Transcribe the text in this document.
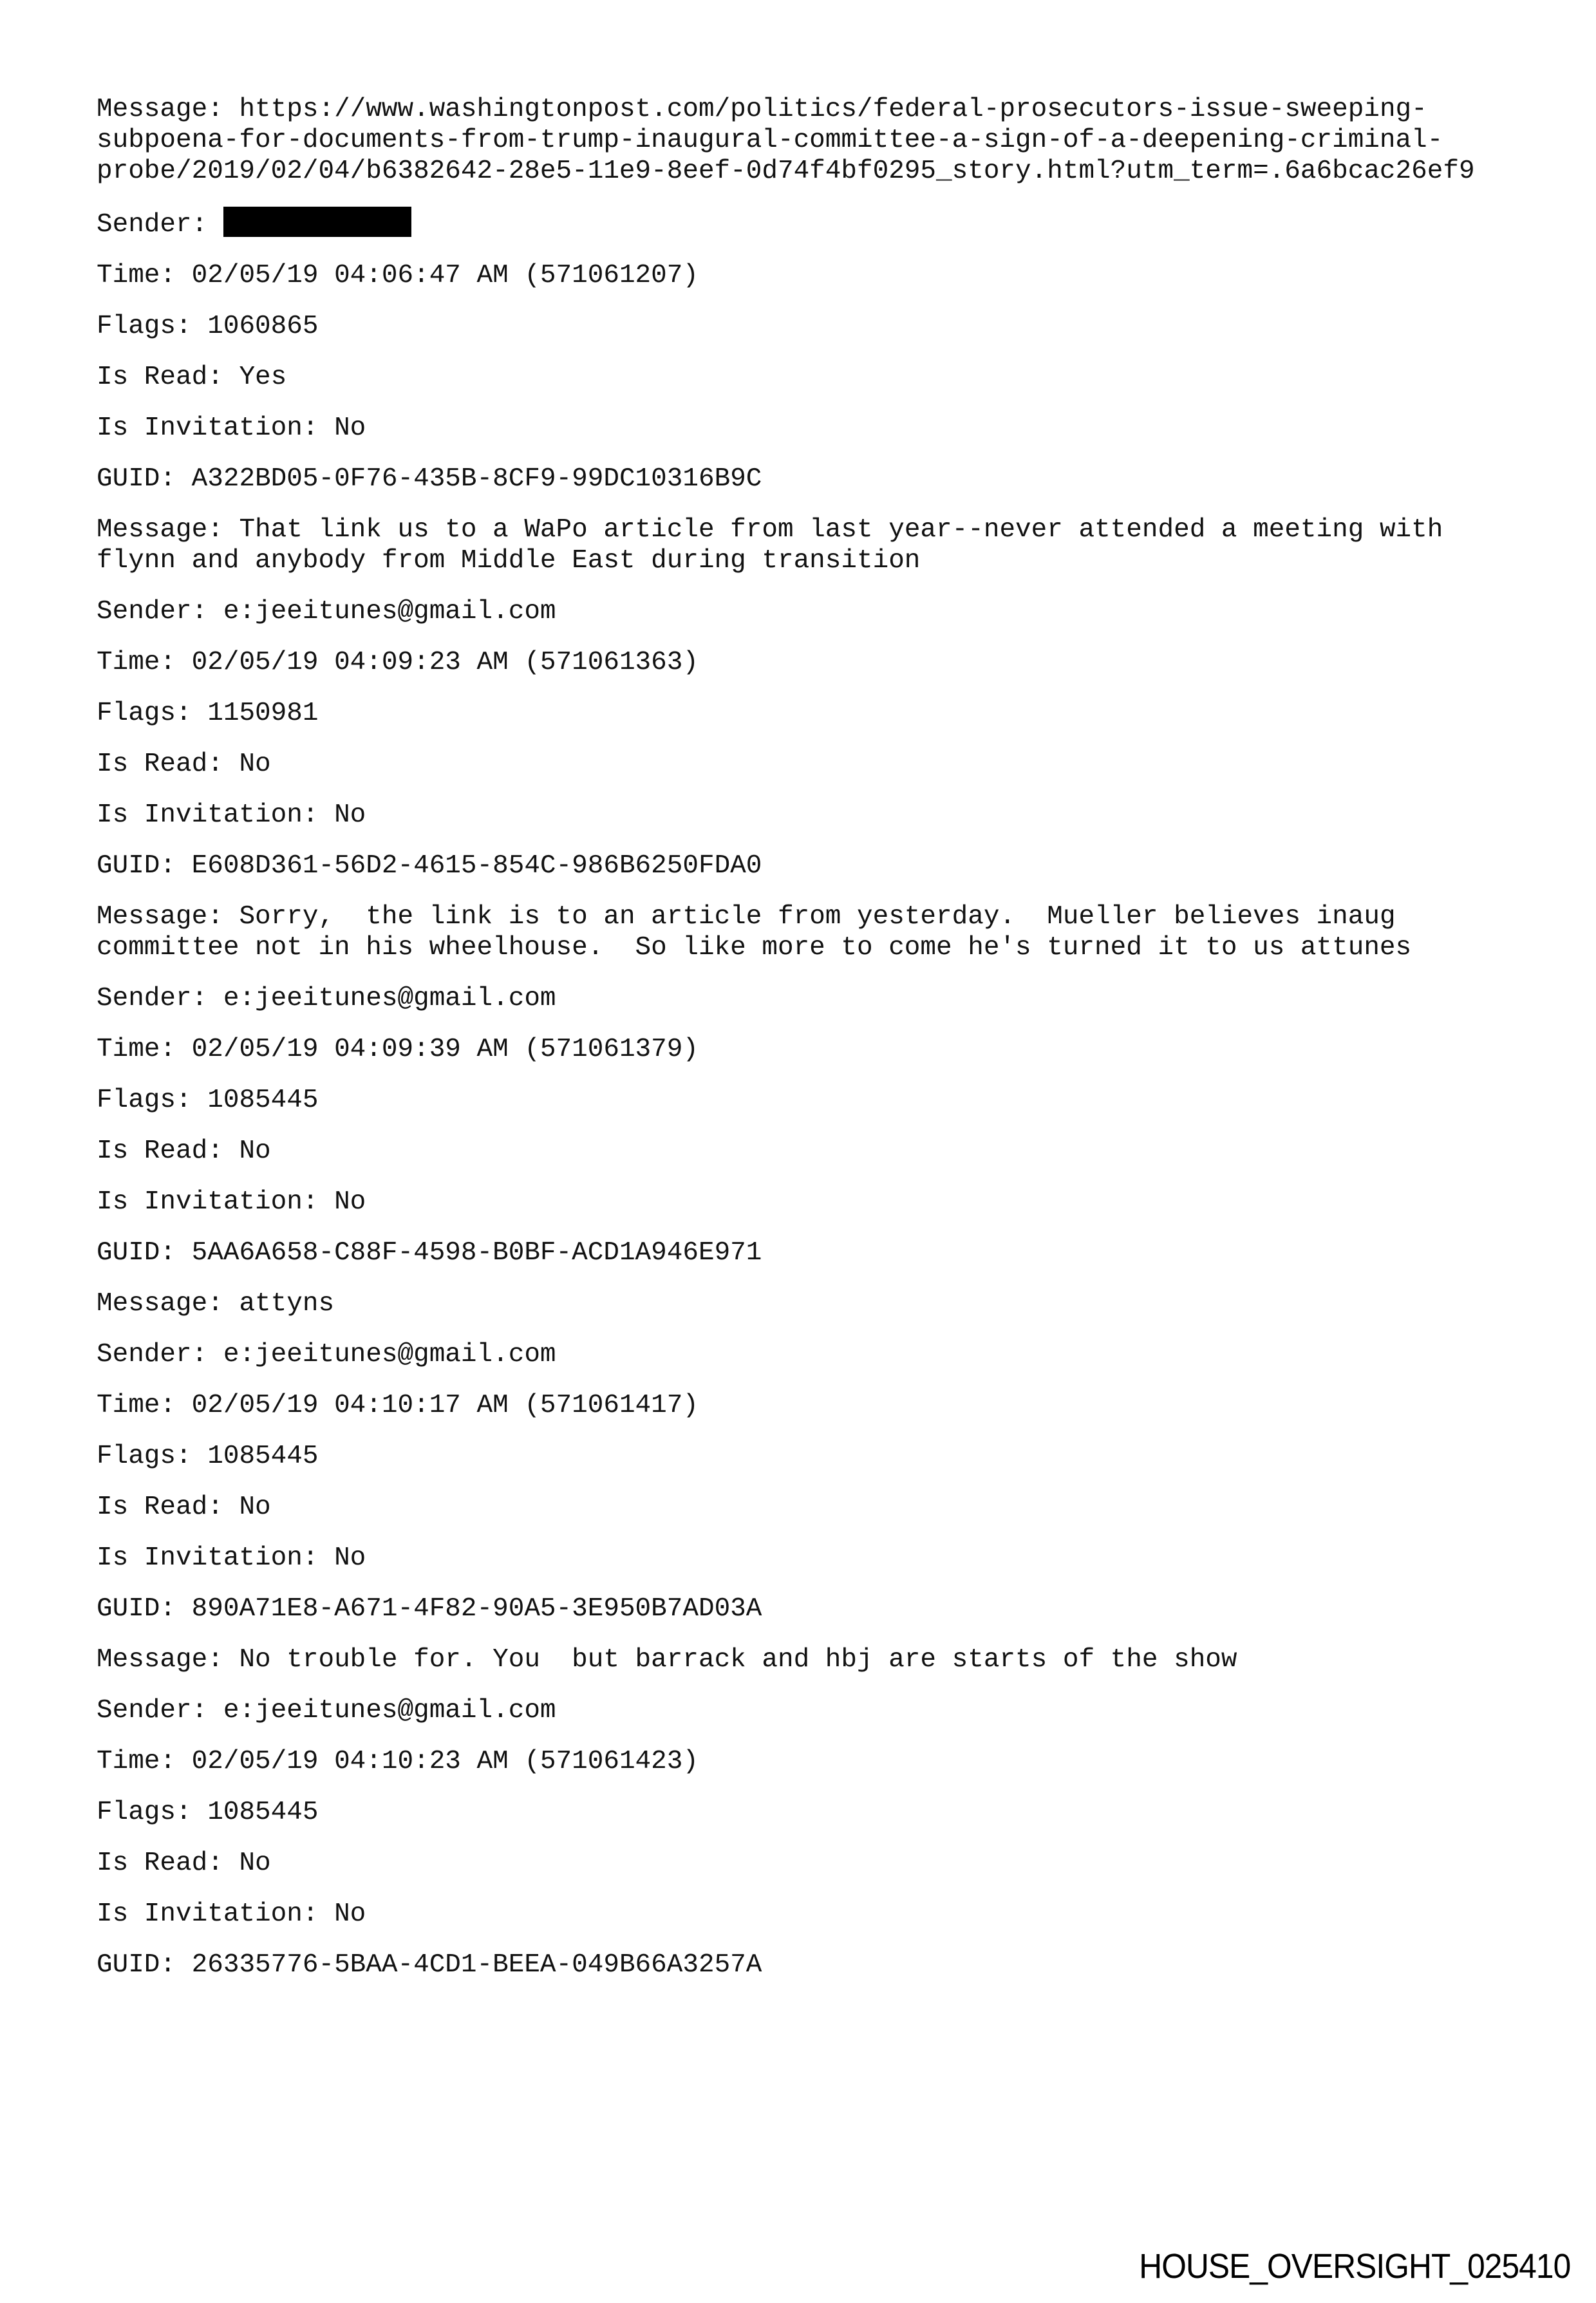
Message: https://www.washingtonpost.com/politics/federal-prosecutors-issue-sweeping-subpoena-for-documents-from-trump-inaugural-committee-a-sign-of-a-deepening-criminal-probe/2019/02/04/b6382642-28e5-11e9-8eef-0d74f4bf0295_story.html?utm_term=.6a6bcac26ef9
Sender:
Time: 02/05/19 04:06:47 AM (571061207)
Flags: 1060865
Is Read: Yes
Is Invitation: No
GUID: A322BD05-0F76-435B-8CF9-99DC10316B9C
Message: That link us to a WaPo article from last year--never attended a meeting with flynn and anybody from Middle East during transition
Sender: e:jeeitunes@gmail.com
Time: 02/05/19 04:09:23 AM (571061363)
Flags: 1150981
Is Read: No
Is Invitation: No
GUID: E608D361-56D2-4615-854C-986B6250FDA0
Message: Sorry,  the link is to an article from yesterday.  Mueller believes inaug committee not in his wheelhouse.  So like more to come he's turned it to us attunes
Sender: e:jeeitunes@gmail.com
Time: 02/05/19 04:09:39 AM (571061379)
Flags: 1085445
Is Read: No
Is Invitation: No
GUID: 5AA6A658-C88F-4598-B0BF-ACD1A946E971
Message: attyns
Sender: e:jeeitunes@gmail.com
Time: 02/05/19 04:10:17 AM (571061417)
Flags: 1085445
Is Read: No
Is Invitation: No
GUID: 890A71E8-A671-4F82-90A5-3E950B7AD03A
Message: No trouble for. You  but barrack and hbj are starts of the show
Sender: e:jeeitunes@gmail.com
Time: 02/05/19 04:10:23 AM (571061423)
Flags: 1085445
Is Read: No
Is Invitation: No
GUID: 26335776-5BAA-4CD1-BEEA-049B66A3257A
HOUSE_OVERSIGHT_025410
